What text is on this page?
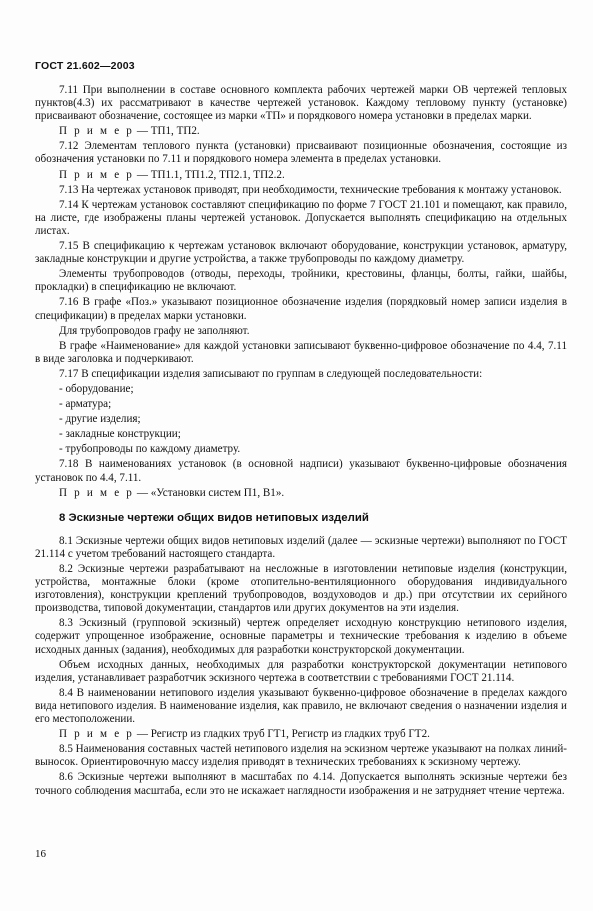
ГОСТ 21.602—2003

7.11 При выполнении в составе основного комплекта рабочих чертежей марки ОВ чертежей тепловых пунктов(4.3) их рассматривают в качестве чертежей установок. Каждому тепловому пункту (установке) присваивают обозначение, состоящее из марки «ТП» и порядкового номера установки в пределах марки.

П р и м е р — ТП1, ТП2.

7.12 Элементам теплового пункта (установки) присваивают позиционные обозначения, состоящие из обозначения установки по 7.11 и порядкового номера элемента в пределах установки.

П р и м е р — ТП1.1, ТП1.2, ТП2.1, ТП2.2.

7.13 На чертежах установок приводят, при необходимости, технические требования к монтажу установок.

7.14 К чертежам установок составляют спецификацию по форме 7 ГОСТ 21.101 и помещают, как правило, на листе, где изображены планы чертежей установок. Допускается выполнять спецификацию на отдельных листах.

7.15 В спецификацию к чертежам установок включают оборудование, конструкции установок, арматуру, закладные конструкции и другие устройства, а также трубопроводы по каждому диаметру.

Элементы трубопроводов (отводы, переходы, тройники, крестовины, фланцы, болты, гайки, шайбы, прокладки) в спецификацию не включают.

7.16 В графе «Поз.» указывают позиционное обозначение изделия (порядковый номер записи изделия в спецификации) в пределах марки установки.

Для трубопроводов графу не заполняют.

В графе «Наименование» для каждой установки записывают буквенно-цифровое обозначение по 4.4, 7.11 в виде заголовка и подчеркивают.

7.17 В спецификации изделия записывают по группам в следующей последовательности:

- оборудование;

- арматура;

- другие изделия;

- закладные конструкции;

- трубопроводы по каждому диаметру.

7.18 В наименованиях установок (в основной надписи) указывают буквенно-цифровые обозначения установок по 4.4, 7.11.

П р и м е р — «Установки систем П1, В1».

8 Эскизные чертежи общих видов нетиповых изделий

8.1 Эскизные чертежи общих видов нетиповых изделий (далее — эскизные чертежи) выполняют по ГОСТ 21.114 с учетом требований настоящего стандарта.

8.2 Эскизные чертежи разрабатывают на несложные в изготовлении нетиповые изделия (конструкции, устройства, монтажные блоки (кроме отопительно-вентиляционного оборудования индивидуального изготовления), конструкции креплений трубопроводов, воздуховодов и др.) при отсутствии их серийного производства, типовой документации, стандартов или других документов на эти изделия.

8.3 Эскизный (групповой эскизный) чертеж определяет исходную конструкцию нетипового изделия, содержит упрощенное изображение, основные параметры и технические требования к изделию в объеме исходных данных (задания), необходимых для разработки конструкторской документации.

Объем исходных данных, необходимых для разработки конструкторской документации нетипового изделия, устанавливает разработчик эскизного чертежа в соответствии с требованиями ГОСТ 21.114.

8.4 В наименовании нетипового изделия указывают буквенно-цифровое обозначение в пределах каждого вида нетипового изделия. В наименование изделия, как правило, не включают сведения о назначении изделия и его местоположении.

П р и м е р — Регистр из гладких труб ГТ1, Регистр из гладких труб ГТ2.

8.5 Наименования составных частей нетипового изделия на эскизном чертеже указывают на полках линий-выносок. Ориентировочную массу изделия приводят в технических требованиях к эскизному чертежу.

8.6 Эскизные чертежи выполняют в масштабах по 4.14. Допускается выполнять эскизные чертежи без точного соблюдения масштаба, если это не искажает наглядности изображения и не затрудняет чтение чертежа.

16
